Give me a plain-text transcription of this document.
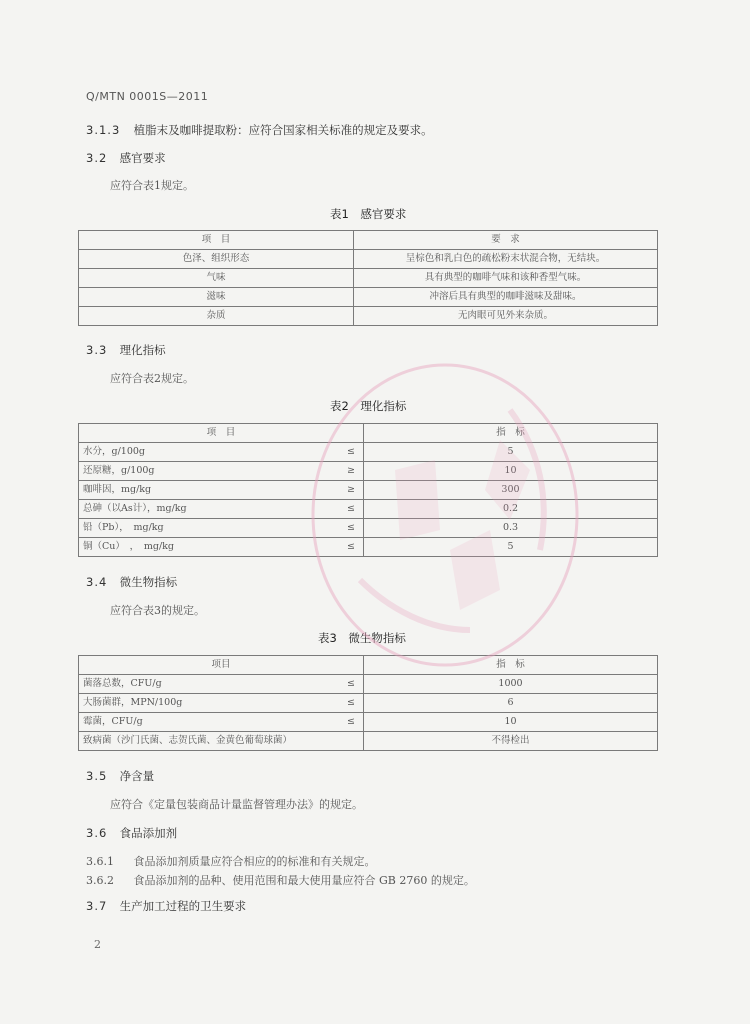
Q/MTN 0001S—2011
3.1.3 植脂末及咖啡提取粉：应符合国家相关标准的规定及要求。
3.2 感官要求
应符合表1规定。
表1　感官要求
项　目	要　求
色泽、组织形态	呈棕色和乳白色的疏松粉末状混合物，无结块。
气味	具有典型的咖啡气味和该种香型气味。
滋味	冲溶后具有典型的咖啡滋味及甜味。
杂质	无肉眼可见外来杂质。
3.3 理化指标
应符合表2规定。
表2　理化指标
项　目	指　标

水分，g/100g ≤	5

还原糖，g/100g ≥	10

咖啡因，mg/kg ≥	300

总砷（以As计），mg/kg ≤	0.2

铅（Pb），　mg/kg ≤	0.3

铜（Cu）　，　mg/kg ≤	5
3.4 微生物指标
应符合表3的规定。
表3　微生物指标
项目	指　标

菌落总数，CFU/g ≤	1000

大肠菌群，MPN/100g ≤	6

霉菌，CFU/g ≤	10

致病菌（沙门氏菌、志贺氏菌、金黄色葡萄球菌）	不得检出
3.5 净含量
应符合《定量包装商品计量监督管理办法》的规定。
3.6 食品添加剂
3.6.1 食品添加剂质量应符合相应的的标准和有关规定。
3.6.2 食品添加剂的品种、使用范围和最大使用量应符合 GB 2760 的规定。
3.7 生产加工过程的卫生要求
2
